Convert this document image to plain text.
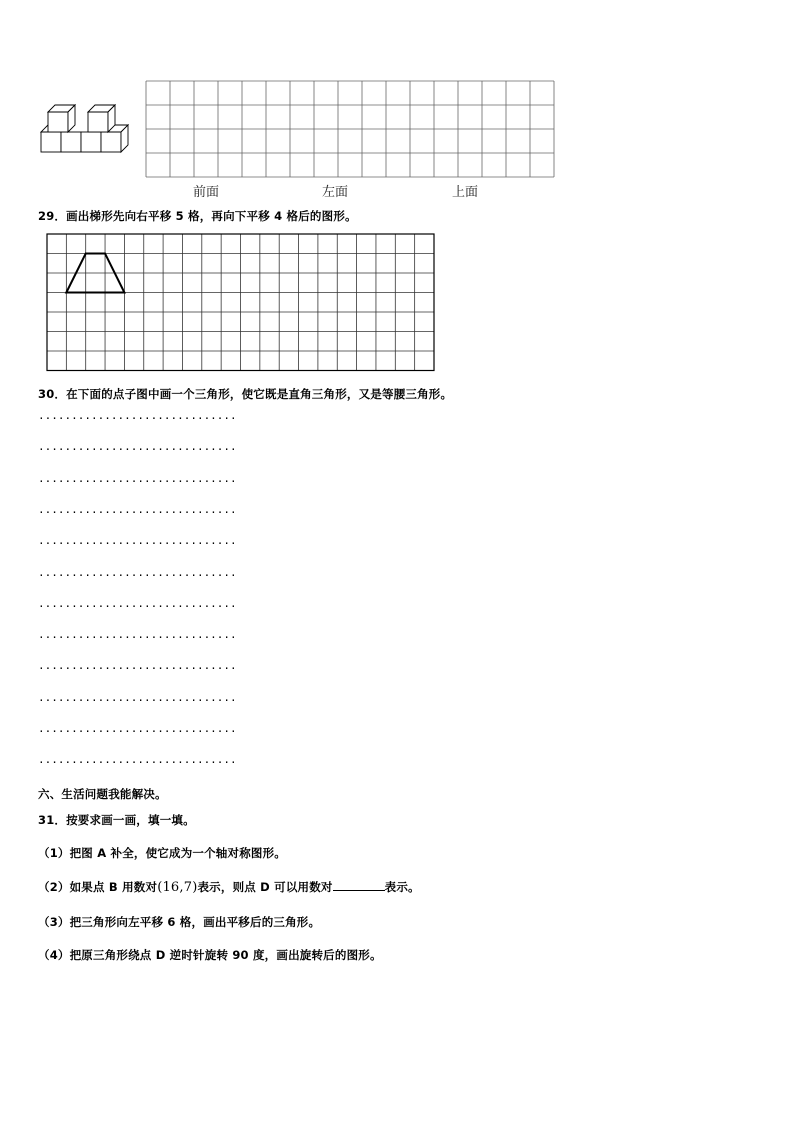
前面	左面	上面
29．画出梯形先向右平移 5 格，再向下平移 4 格后的图形。
30．在下面的点子图中画一个三角形，使它既是直角三角形，又是等腰三角形。
······························
······························
······························
······························
······························
······························
······························
······························
······························
······························
······························
······························
六、生活问题我能解决。
31．按要求画一画，填一填。
（1）把图 A 补全，使它成为一个轴对称图形。
（2）如果点 B 用数对(16,7)表示，则点 D 可以用数对	表示。
（3）把三角形向左平移 6 格，画出平移后的三角形。
（4）把原三角形绕点 D 逆时针旋转 90 度，画出旋转后的图形。
